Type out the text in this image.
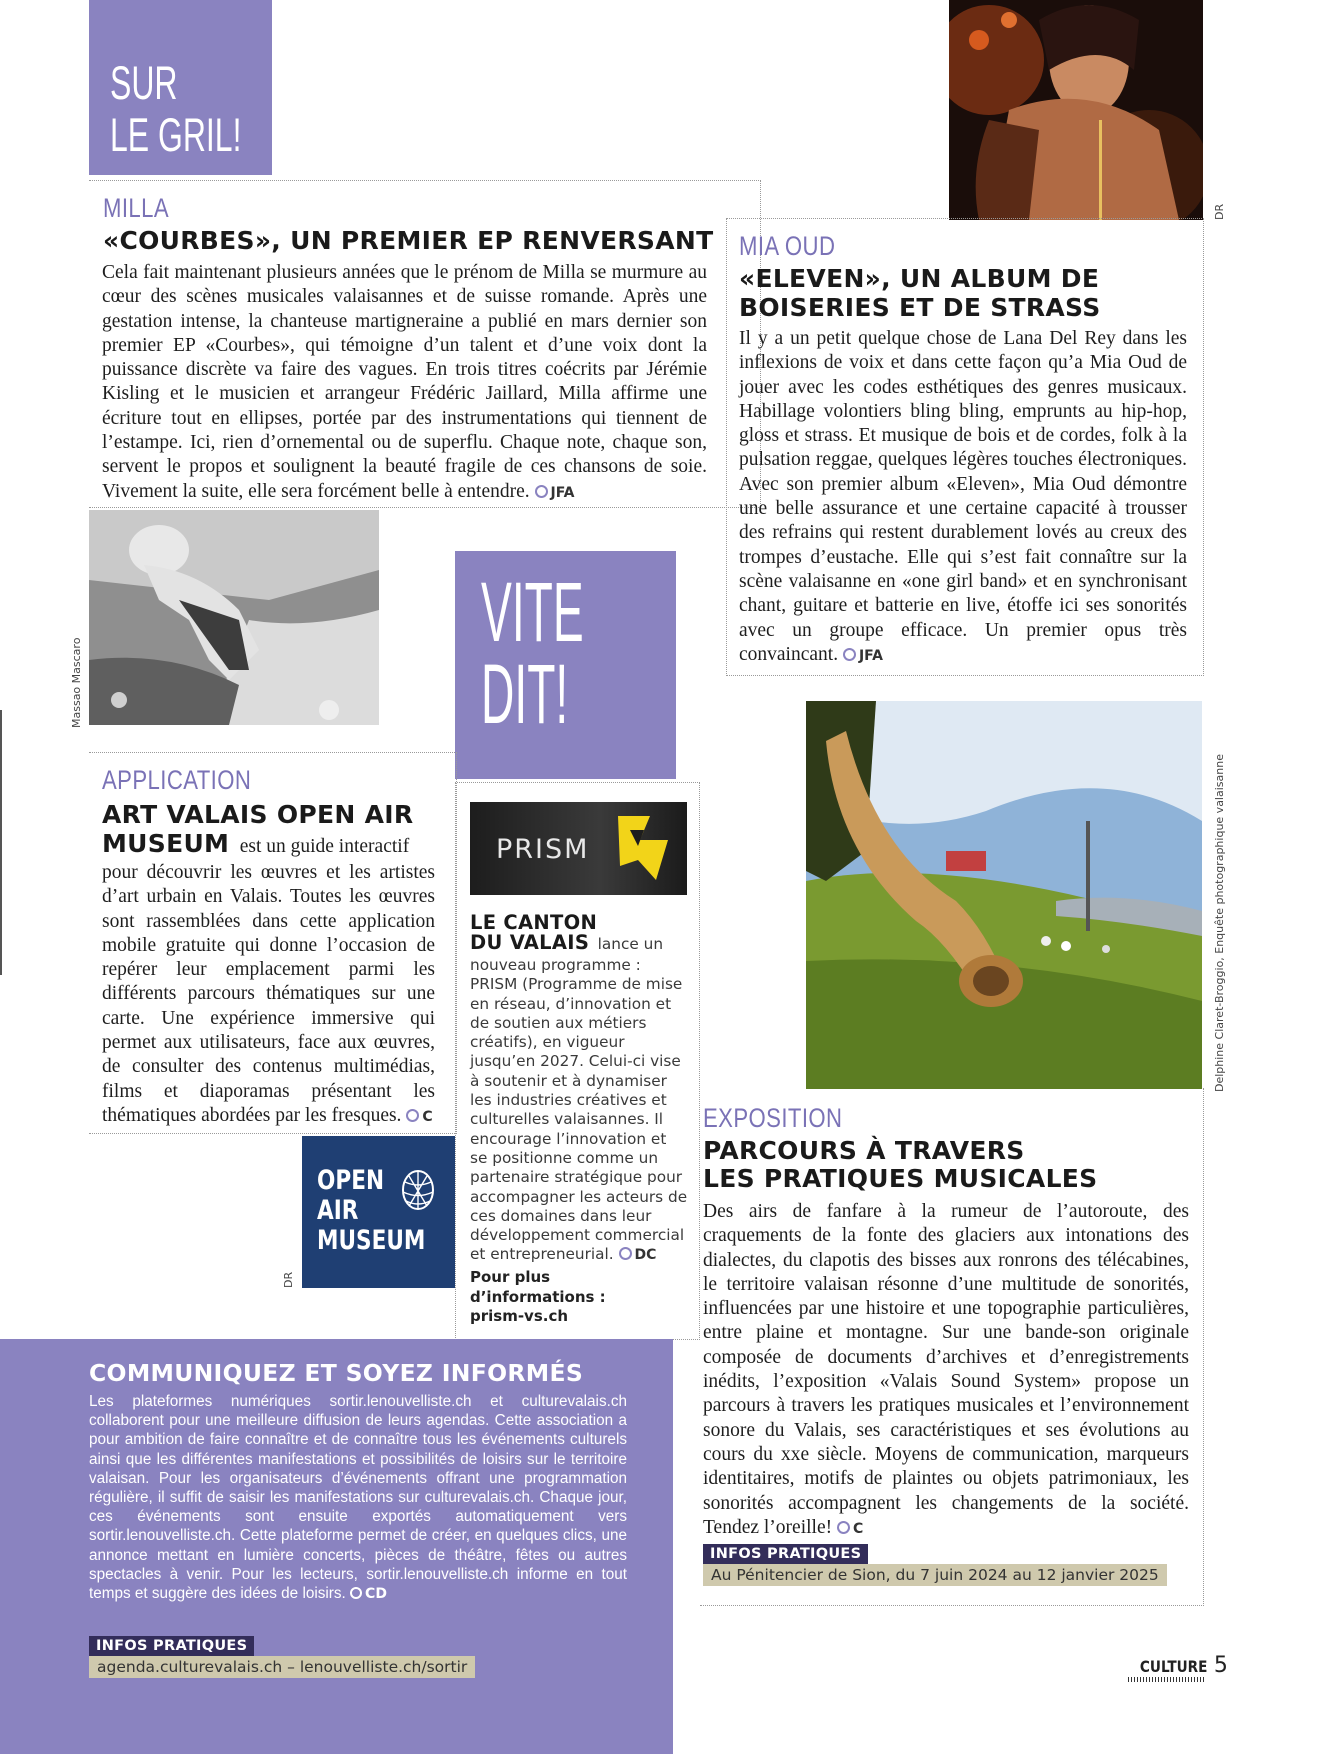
SUR
LE GRIL!
MILLA
«COURBES», UN PREMIER EP RENVERSANT
Cela fait maintenant plusieurs années que le prénom de Milla se murmure au cœur des scènes musicales valaisannes et de suisse romande. Après une gestation intense, la chanteuse martigneraine a publié en mars dernier son premier EP «Courbes», qui témoigne d’un talent et d’une voix dont la puissance discrète va faire des vagues. En trois titres coécrits par Jérémie Kisling et le musicien et arrangeur Frédéric Jaillard, Milla affirme une écriture tout en ellipses, portée par des instrumentations qui tiennent de l’estampe. Ici, rien d’ornemental ou de superflu. Chaque note, chaque son, servent le propos et soulignent la beauté fragile de ces chansons de soie. Vivement la suite, elle sera forcément belle à entendre. JFA
Massao Mascaro
DR
MIA OUD
«ELEVEN», UN ALBUM DE
BOISERIES ET DE STRASS
Il y a un petit quelque chose de Lana Del Rey dans les inflexions de voix et dans cette façon qu’a Mia Oud de jouer avec les codes esthétiques des genres musicaux. Habillage volontiers bling bling, emprunts au hip-hop, gloss et strass. Et musique de bois et de cordes, folk à la pulsation reggae, quelques légères touches électroniques. Avec son premier album «Eleven», Mia Oud démontre une belle assurance et une certaine capacité à trousser des refrains qui restent durablement lovés au creux des trompes d’eustache. Elle qui s’est fait connaître sur la scène valaisanne en «one girl band» et en synchronisant chant, guitare et batterie en live, étoffe ici ses sonorités avec un groupe efficace. Un premier opus très convaincant. JFA
VITE
DIT!
APPLICATION
ART VALAIS OPEN AIR
MUSEUM est un guide interactif
pour découvrir les œuvres et les artistes d’art urbain en Valais. Toutes les œuvres sont rassemblées dans cette application mobile gratuite qui donne l’occasion de repérer leur emplacement parmi les différents parcours thématiques sur une carte. Une expérience immersive qui permet aux utilisateurs, face aux œuvres, de consulter des contenus multimédias, films et diaporamas présentant les thématiques abordées par les fresques. C
OPEN
AIR
MUSEUM
DR
PRISM
LE CANTON
DU VALAIS lance un
nouveau programme : PRISM (Programme de mise en réseau, d’innovation et de soutien aux métiers créatifs), en vigueur jusqu’en 2027. Celui-ci vise à soutenir et à dynamiser les industries créatives et culturelles valaisannes. Il encourage l’innovation et se positionne comme un partenaire stratégique pour accompagner les acteurs de ces domaines dans leur développement commercial et entrepreneurial. DC
Pour plus
d’informations :
prism-vs.ch
Delphine Claret-Broggio, Enquête photographique valaisanne
EXPOSITION
PARCOURS À TRAVERS
LES PRATIQUES MUSICALES
Des airs de fanfare à la rumeur de l’autoroute, des craquements de la fonte des glaciers aux intonations des dialectes, du clapotis des bisses aux ronrons des télécabines, le territoire valaisan résonne d’une multitude de sonorités, influencées par une histoire et une topographie particulières, entre plaine et montagne. Sur une bande-son originale composée de documents d’archives et d’enregistrements inédits, l’exposition «Valais Sound System» propose un parcours à travers les pratiques musicales et l’environnement sonore du Valais, ses caractéristiques et ses évolutions au cours du xxe siècle. Moyens de communication, marqueurs identitaires, motifs de plaintes ou objets patrimoniaux, les sonorités accompagnent les changements de la société. Tendez l’oreille! C
INFOS PRATIQUES
Au Pénitencier de Sion, du 7 juin 2024 au 12 janvier 2025
COMMUNIQUEZ ET SOYEZ INFORMÉS
Les plateformes numériques sortir.lenouvelliste.ch et culturevalais.ch collaborent pour une meilleure diffusion de leurs agendas. Cette association a pour ambition de faire connaître et de connaître tous les événements culturels ainsi que les différentes manifestations et possibilités de loisirs sur le territoire valaisan. Pour les organisateurs d’événements offrant une programmation régulière, il suffit de saisir les manifestations sur culturevalais.ch. Chaque jour, ces événements sont ensuite exportés automatiquement vers sortir.lenouvelliste.ch. Cette plateforme permet de créer, en quelques clics, une annonce mettant en lumière concerts, pièces de théâtre, fêtes ou autres spectacles à venir. Pour les lecteurs, sortir.lenouvelliste.ch informe en tout temps et suggère des idées de loisirs. CD
INFOS PRATIQUES
agenda.culturevalais.ch – lenouvelliste.ch/sortir	CULTURE 5
